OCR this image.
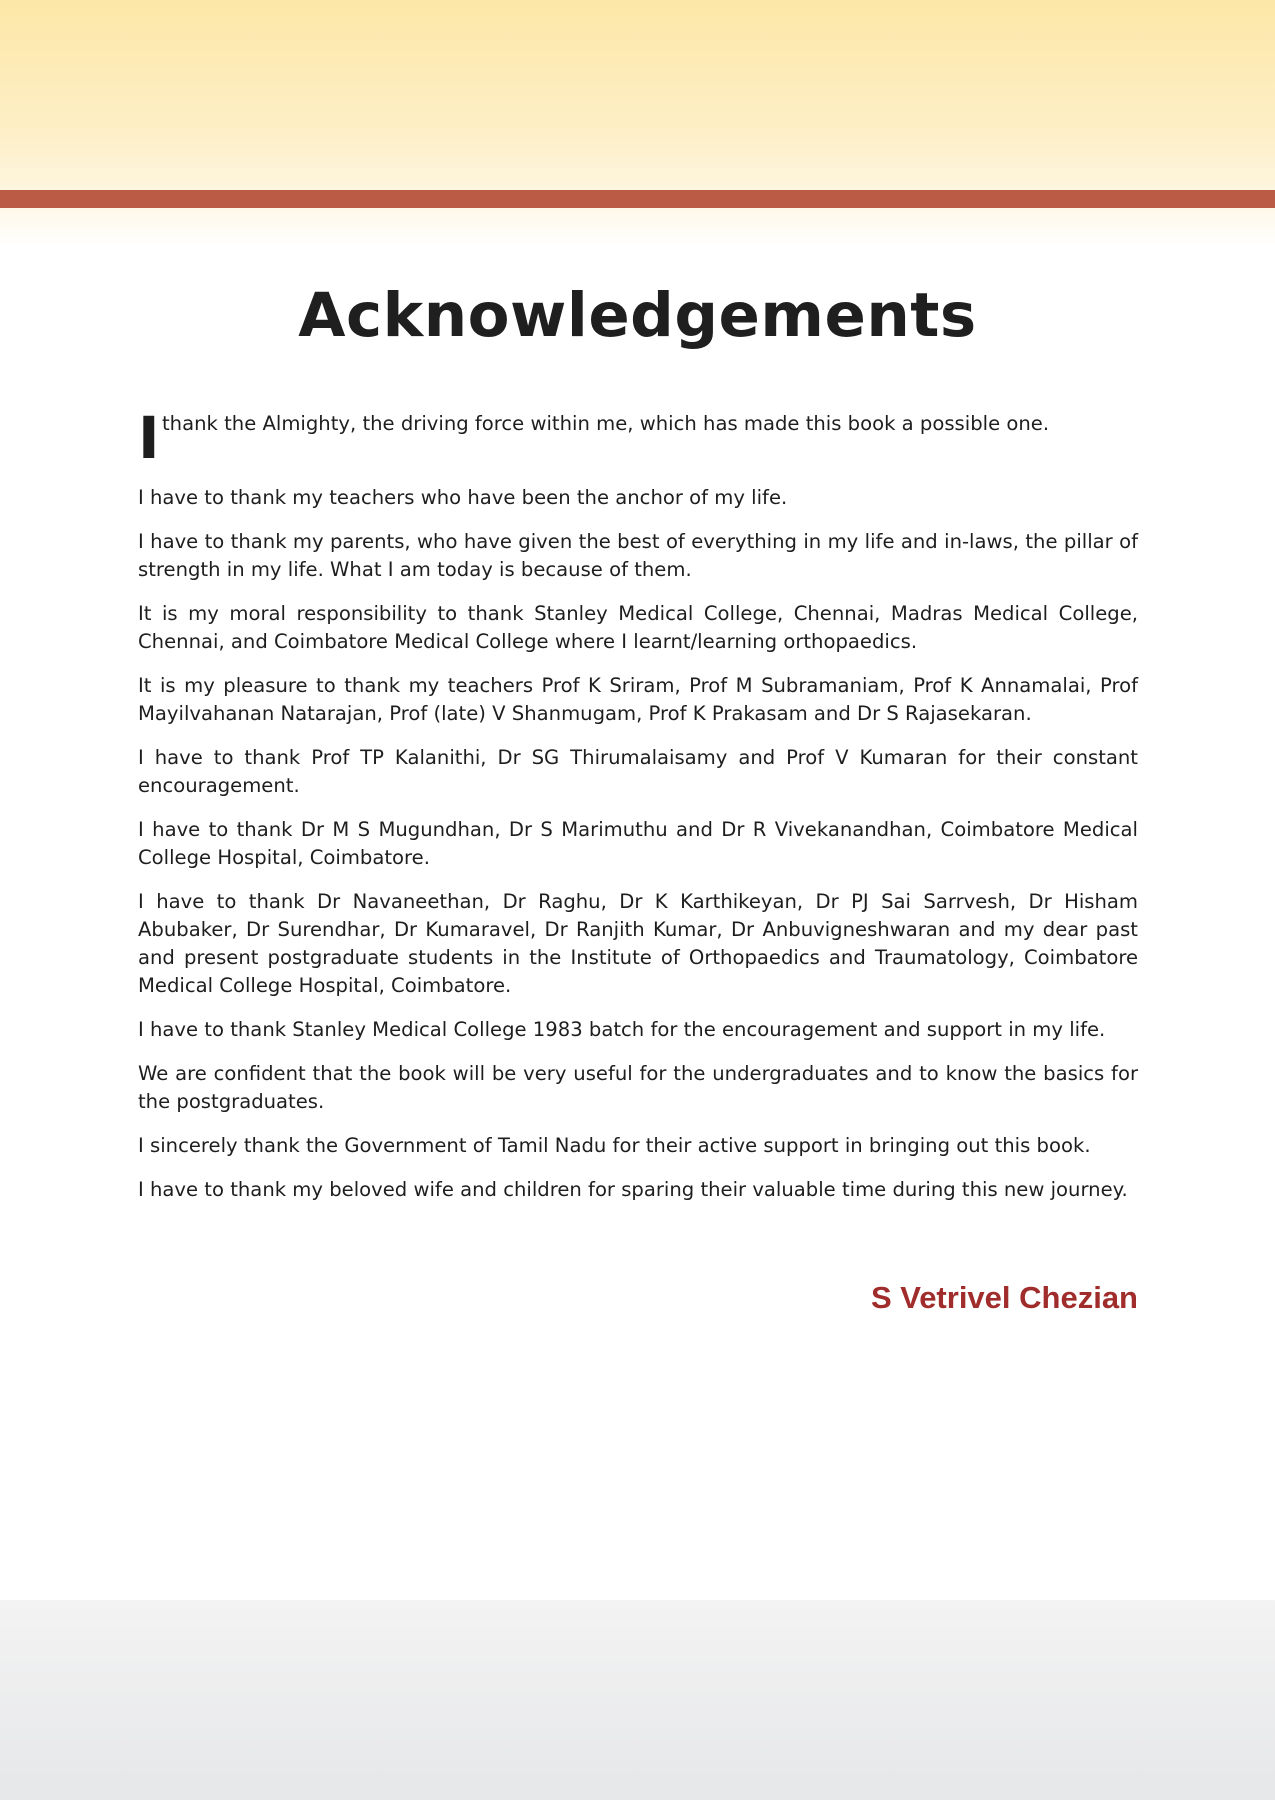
Acknowledgements

I thank the Almighty, the driving force within me, which has made this book a possible one.

I have to thank my teachers who have been the anchor of my life.

I have to thank my parents, who have given the best of everything in my life and in-laws, the pillar of strength in my life. What I am today is because of them.

It is my moral responsibility to thank Stanley Medical College, Chennai, Madras Medical College, Chennai, and Coimbatore Medical College where I learnt/learning orthopaedics.

It is my pleasure to thank my teachers Prof K Sriram, Prof M Subramaniam, Prof K Annamalai, Prof Mayilvahanan Natarajan, Prof (late) V Shanmugam, Prof K Prakasam and Dr S Rajasekaran.

I have to thank Prof TP Kalanithi, Dr SG Thirumalaisamy and Prof V Kumaran for their constant encouragement.

I have to thank Dr M S Mugundhan, Dr S Marimuthu and Dr R Vivekanandhan, Coimbatore Medical College Hospital, Coimbatore.

I have to thank Dr Navaneethan, Dr Raghu, Dr K Karthikeyan, Dr PJ Sai Sarrvesh, Dr Hisham Abubaker, Dr Surendhar, Dr Kumaravel, Dr Ranjith Kumar, Dr Anbuvigneshwaran and my dear past and present postgraduate students in the Institute of Orthopaedics and Traumatology, Coimbatore Medical College Hospital, Coimbatore.

I have to thank Stanley Medical College 1983 batch for the encouragement and support in my life.

We are confident that the book will be very useful for the undergraduates and to know the basics for the postgraduates.

I sincerely thank the Government of Tamil Nadu for their active support in bringing out this book.

I have to thank my beloved wife and children for sparing their valuable time during this new journey.

S Vetrivel Chezian
